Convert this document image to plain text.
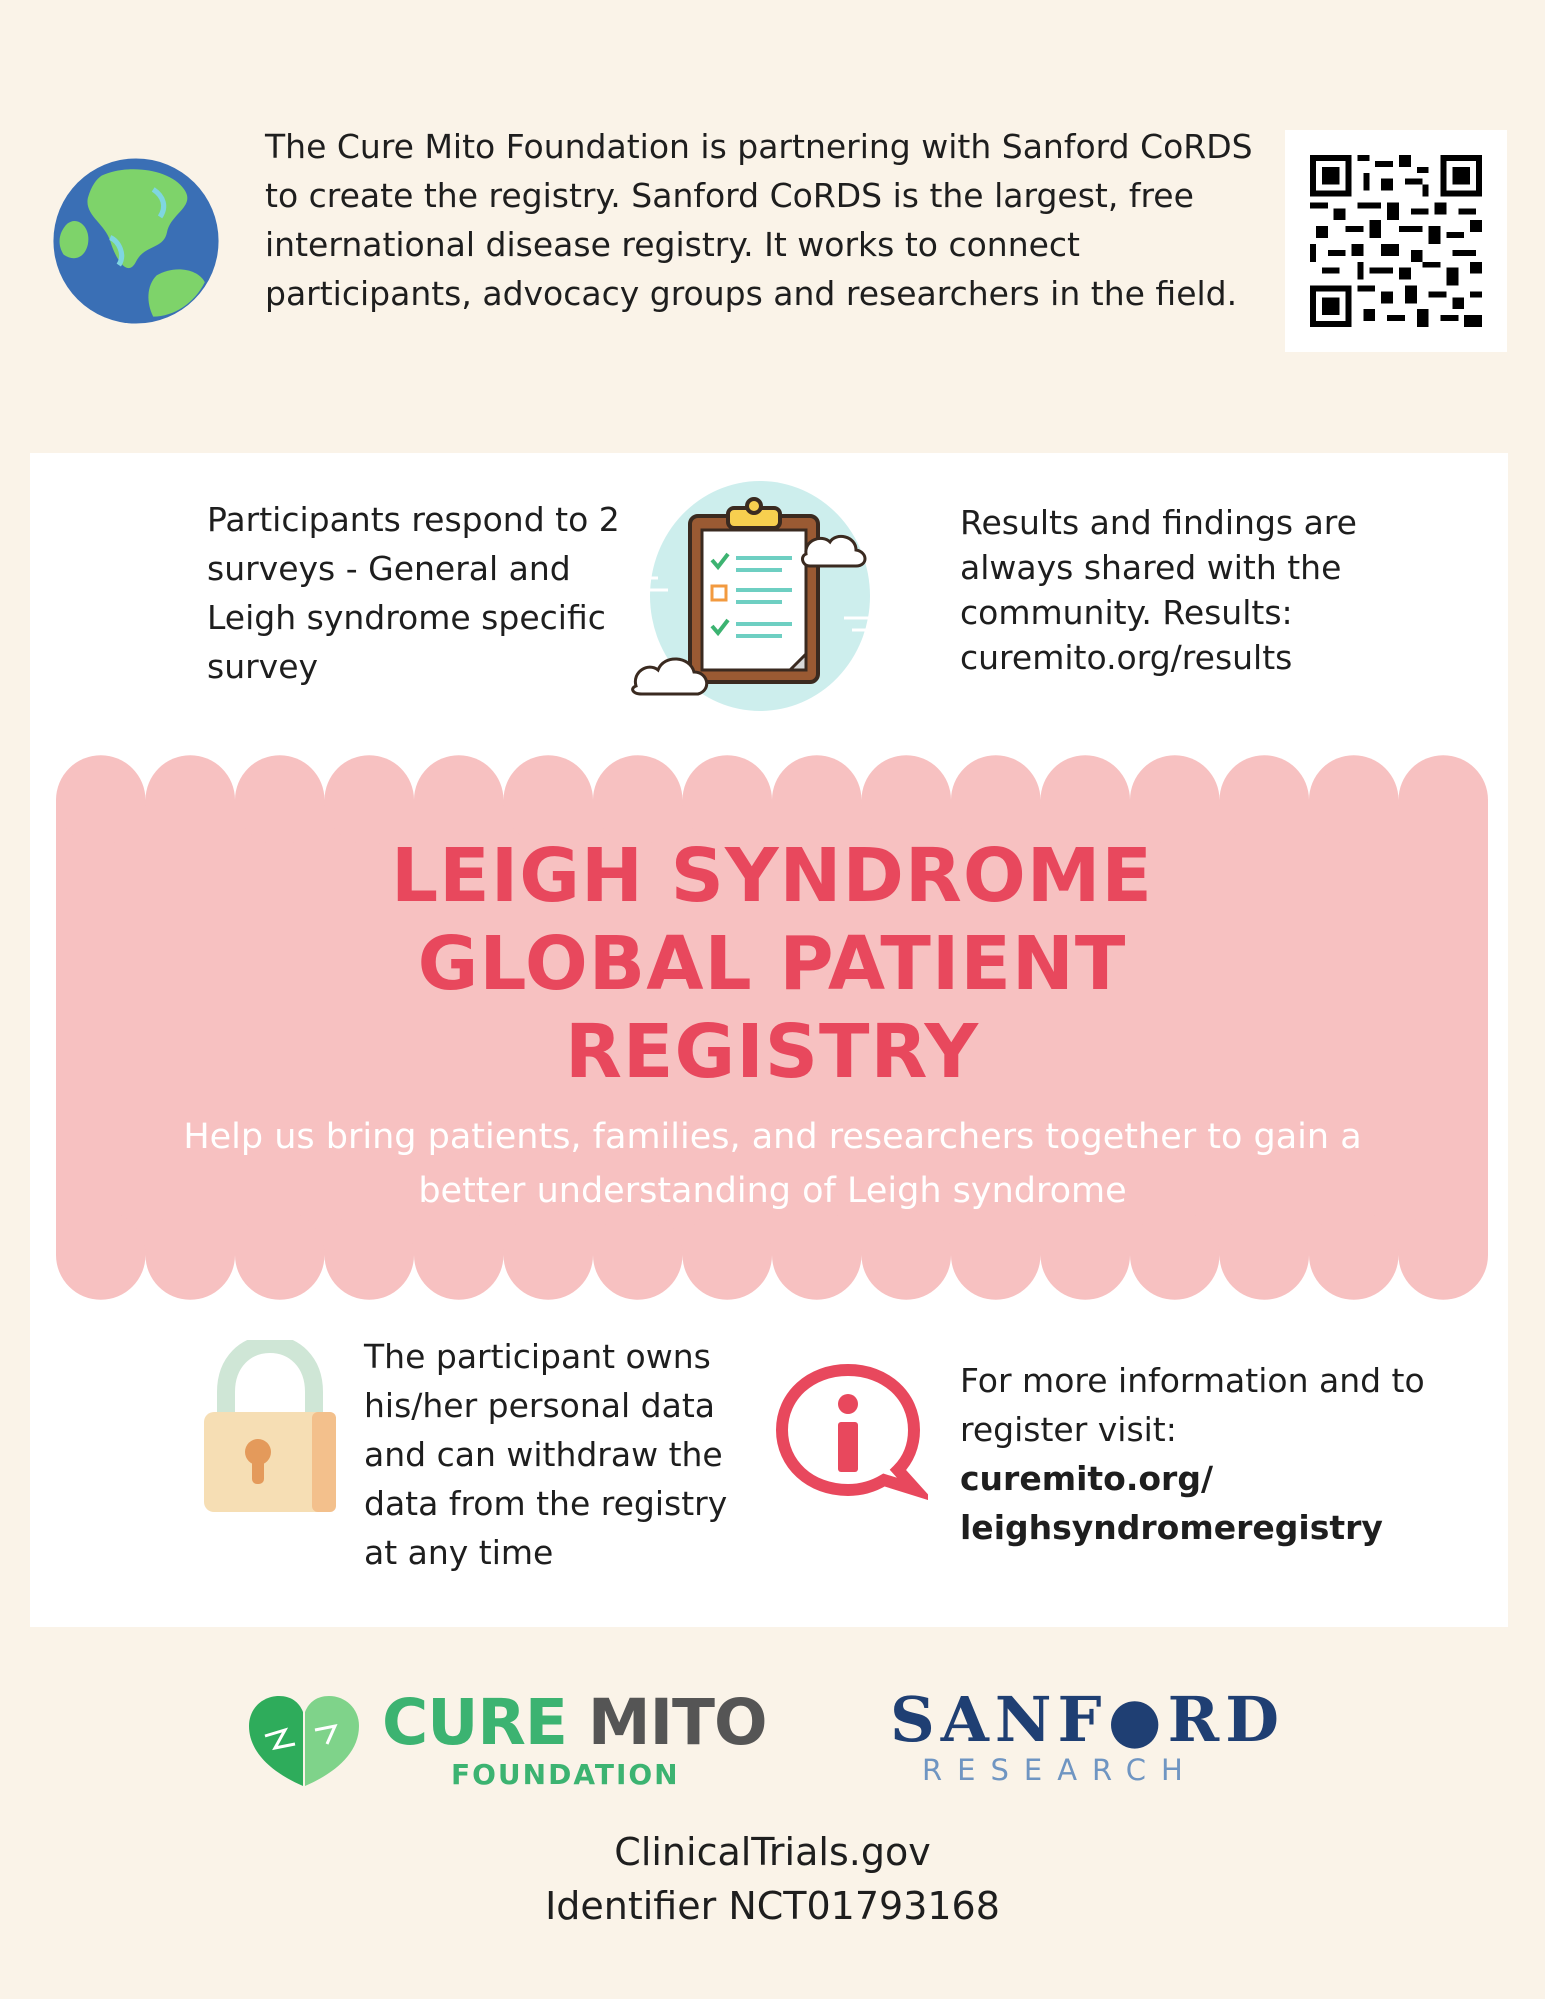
The Cure Mito Foundation is partnering with Sanford CoRDS to create the registry. Sanford CoRDS is the largest, free international disease registry. It works to connect participants, advocacy groups and researchers in the field.

Participants respond to 2 surveys - General and Leigh syndrome specific survey

Results and findings are always shared with the community. Results: curemito.org/results

LEIGH SYNDROME
GLOBAL PATIENT
REGISTRY

Help us bring patients, families, and researchers together to gain a better understanding of Leigh syndrome

The participant owns his/her personal data and can withdraw the data from the registry at any time

For more information and to register visit:
curemito.org/ leighsyndromeregistry
CURE MITO
FOUNDATION
SANF●RD
RESEARCH
ClinicalTrials.gov
Identifier NCT01793168
